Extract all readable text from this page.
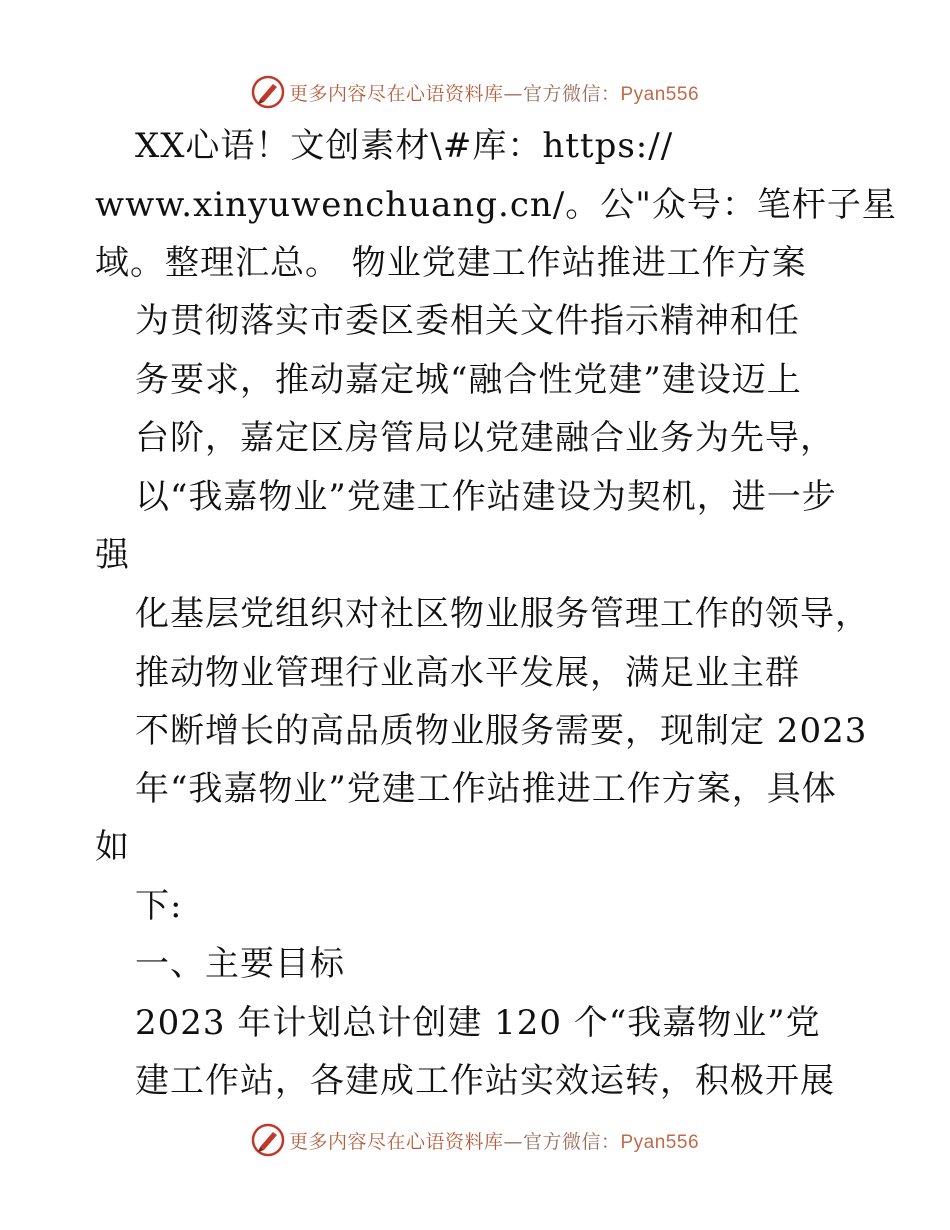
更多内容尽在心语资料库—官方微信：Pyan556
XX心语！文创素材\#库：https://
www.xinyuwenchuang.cn/。公"众号：笔杆子星
域。整理汇总。 物业党建工作站推进工作方案
为贯彻落实市委区委相关文件指示精神和任
务要求，推动嘉定城“融合性党建”建设迈上
台阶，嘉定区房管局以党建融合业务为先导，
以“我嘉物业”党建工作站建设为契机，进一步
强
化基层党组织对社区物业服务管理工作的领导，
推动物业管理行业高水平发展，满足业主群
不断增长的高品质物业服务需要，现制定 2023
年“我嘉物业”党建工作站推进工作方案，具体
如
下:
一、主要目标
2023 年计划总计创建 120 个“我嘉物业”党
建工作站，各建成工作站实效运转，积极开展
更多内容尽在心语资料库—官方微信：Pyan556
